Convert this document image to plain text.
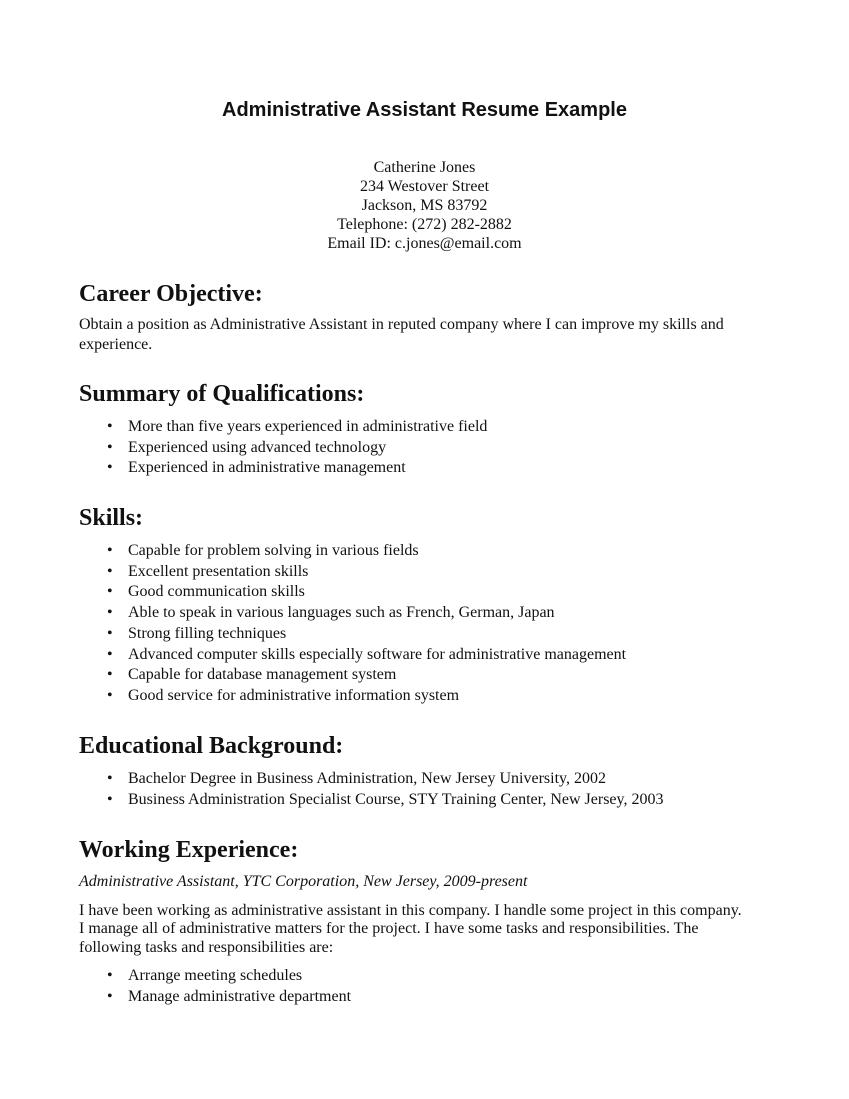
Administrative Assistant Resume Example
Catherine Jones
234 Westover Street
Jackson, MS 83792
Telephone: (272) 282-2882
Email ID: c.jones@email.com
Career Objective:
Obtain a position as Administrative Assistant in reputed company where I can improve my skills and
experience.
Summary of Qualifications:
• More than five years experienced in administrative field
• Experienced using advanced technology
• Experienced in administrative management
Skills:
• Capable for problem solving in various fields
• Excellent presentation skills
• Good communication skills
• Able to speak in various languages such as French, German, Japan
• Strong filling techniques
• Advanced computer skills especially software for administrative management
• Capable for database management system
• Good service for administrative information system
Educational Background:
• Bachelor Degree in Business Administration, New Jersey University, 2002
• Business Administration Specialist Course, STY Training Center, New Jersey, 2003
Working Experience:
Administrative Assistant, YTC Corporation, New Jersey, 2009-present
I have been working as administrative assistant in this company. I handle some project in this company.
I manage all of administrative matters for the project. I have some tasks and responsibilities. The
following tasks and responsibilities are:
• Arrange meeting schedules
• Manage administrative department
